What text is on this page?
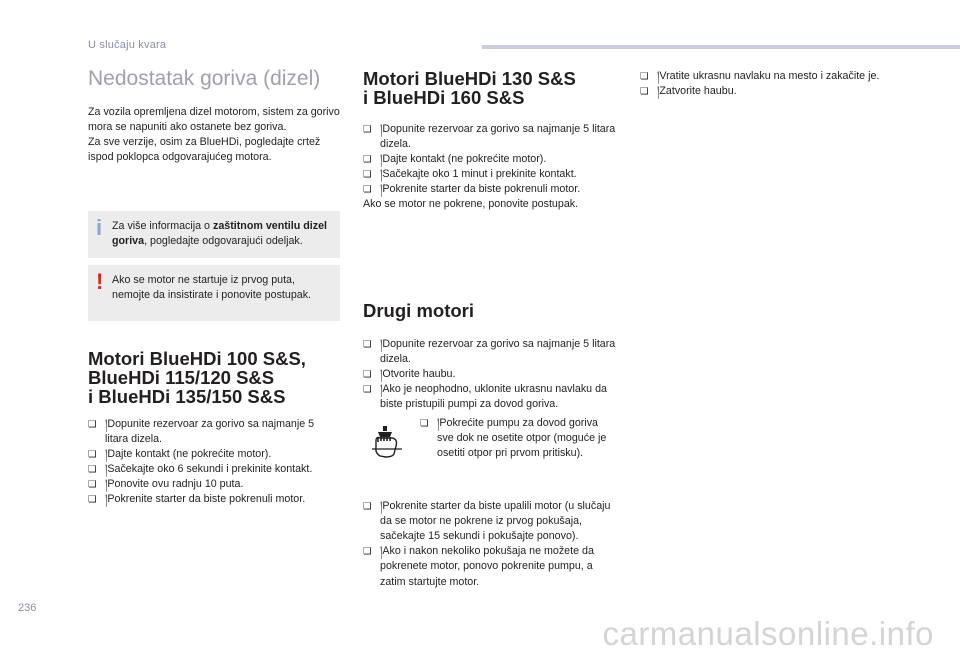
U slučaju kvara
Nedostatak goriva (dizel)

Za vozila opremljena dizel motorom, sistem za gorivo mora se napuniti ako ostanete bez goriva.

Za sve verzije, osim za BlueHDi, pogledajte crtež ispod poklopca odgovarajućeg motora.

i Za više informacija o zaštitnom ventilu dizel goriva, pogledajte odgovarajući odeljak.

! Ako se motor ne startuje iz prvog puta, nemojte da insistirate i ponovite postupak.

Motori BlueHDi 100 S&S,
BlueHDi 115/120 S&S
i BlueHDi 135/150 S&S
། ❏ Dopunite rezervoar za gorivo sa najmanje 5 litara dizela.
། ❏ Dajte kontakt (ne pokrećite motor).
། ❏ Sačekajte oko 6 sekundi i prekinite kontakt.
། ❏ Ponovite ovu radnju 10 puta.
། ❏ Pokrenite starter da biste pokrenuli motor.
Motori BlueHDi 130 S&S
i BlueHDi 160 S&S
། ❏ Dopunite rezervoar za gorivo sa najmanje 5 litara dizela.
། ❏ Dajte kontakt (ne pokrećite motor).
། ❏ Sačekajte oko 1 minut i prekinite kontakt.
། ❏ Pokrenite starter da biste pokrenuli motor.

Ako se motor ne pokrene, ponovite postupak.

Drugi motori
། ❏ Dopunite rezervoar za gorivo sa najmanje 5 litara dizela.
། ❏ Otvorite haubu.
། ❏ Ako je neophodno, uklonite ukrasnu navlaku da biste pristupili pumpi za dovod goriva.
། ❏ Pokrenite starter da biste upalili motor (u slučaju da se motor ne pokrene iz prvog pokušaja, sačekajte 15 sekundi i pokušajte ponovo).
། ❏ Ako i nakon nekoliko pokušaja ne možete da pokrenete motor, ponovo pokrenite pumpu, a zatim startujte motor.
། ❏ Pokrećite pumpu za dovod goriva sve dok ne osetite otpor (moguće je osetiti otpor pri prvom pritisku).
། ❏ Vratite ukrasnu navlaku na mesto i zakačite je.
། ❏ Zatvorite haubu.
236
carmanualsonline.info
